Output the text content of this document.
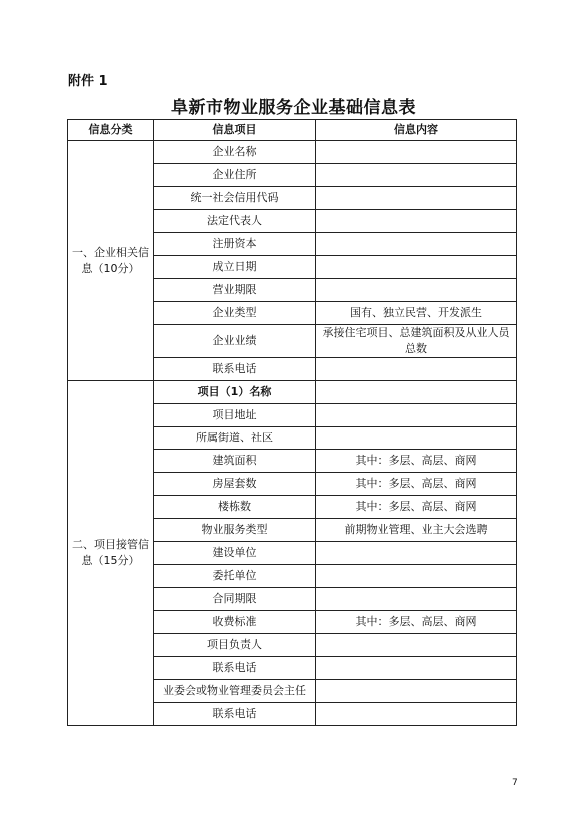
附件 1
阜新市物业服务企业基础信息表
信息分类	信息项目	信息内容
一、企业相关信息（10分）	企业名称	
	企业住所	
	统一社会信用代码	
	法定代表人	
	注册资本	
	成立日期	
	营业期限	
	企业类型	国有、独立民营、开发派生
	企业业绩	承接住宅项目、总建筑面积及从业人员总数
	联系电话	
二、项目接管信息（15分）	项目（1）名称	
	项目地址	
	所属街道、社区	
	建筑面积	其中：多层、高层、商网
	房屋套数	其中：多层、高层、商网
	楼栋数	其中：多层、高层、商网
	物业服务类型	前期物业管理、业主大会选聘
	建设单位	
	委托单位	
	合同期限	
	收费标准	其中：多层、高层、商网
	项目负责人	
	联系电话	
	业委会或物业管理委员会主任	
	联系电话	
7
